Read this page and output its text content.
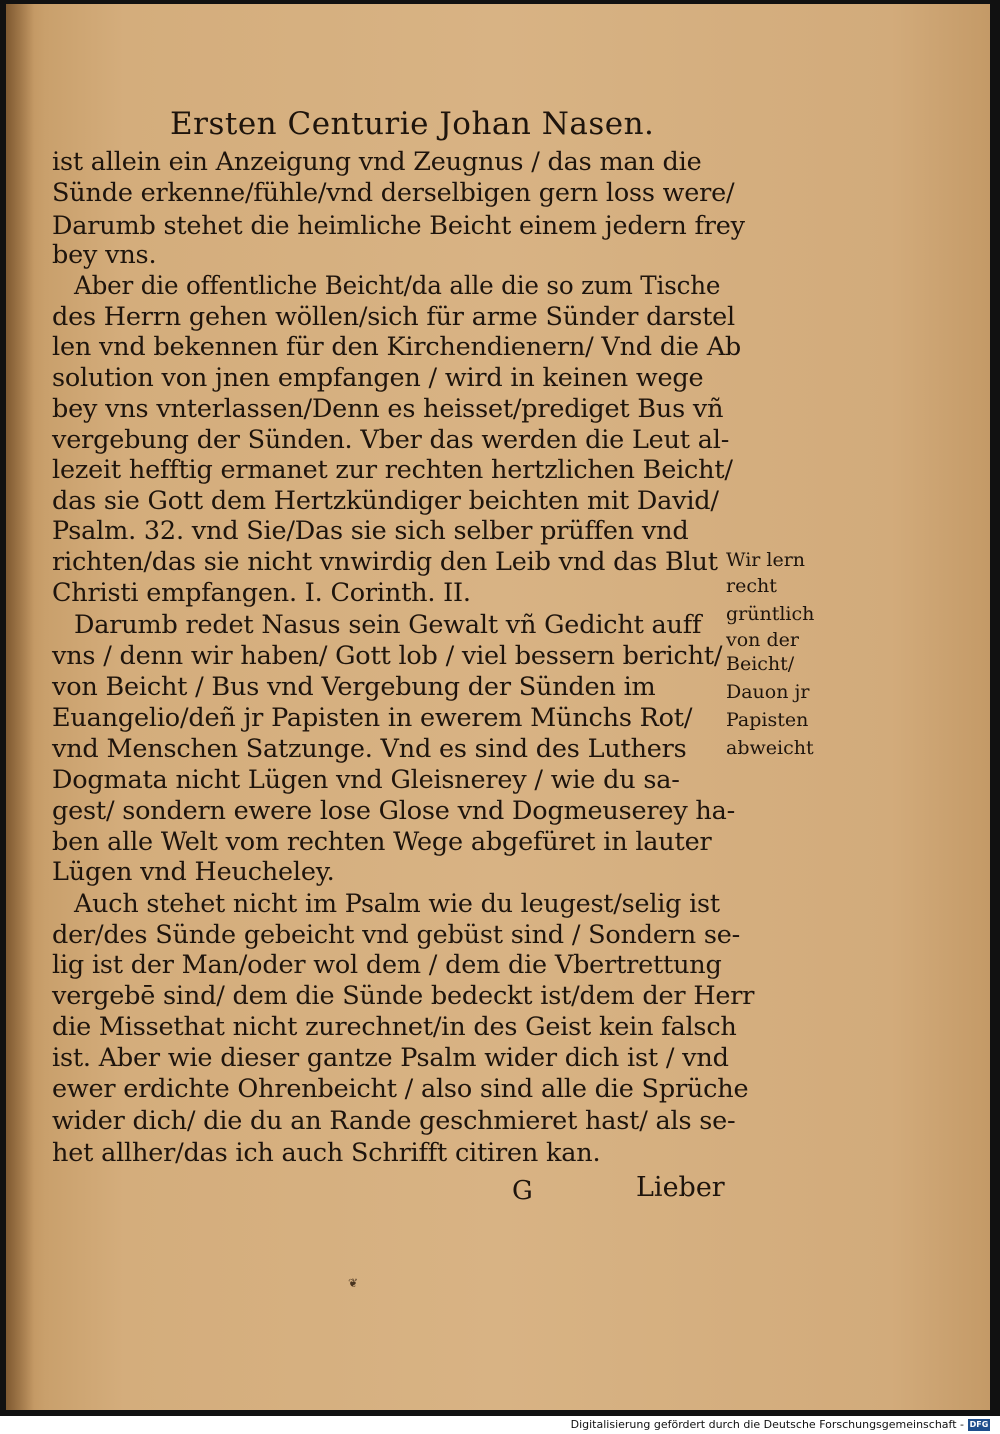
Ersten Centurie Johan Nasen.
ist allein ein Anzeigung vnd Zeugnus / das man die
Sünde erkenne/fühle/vnd derselbigen gern loss were/
Darumb stehet die heimliche Beicht einem jedern frey
bey vns.
Aber die offentliche Beicht/da alle die so zum Tische
des Herrn gehen wöllen/sich für arme Sünder darstel
len vnd bekennen für den Kirchendienern/ Vnd die Ab
solution von jnen empfangen / wird in keinen wege
bey vns vnterlassen/Denn es heisset/prediget Bus vñ
vergebung der Sünden. Vber das werden die Leut al-
lezeit hefftig ermanet zur rechten hertzlichen Beicht/
das sie Gott dem Hertzkündiger beichten mit David/
Psalm. 32. vnd Sie/Das sie sich selber prüffen vnd
richten/das sie nicht vnwirdig den Leib vnd das Blut
Christi empfangen. I. Corinth. II.
Darumb redet Nasus sein Gewalt vñ Gedicht auff
vns / denn wir haben/ Gott lob / viel bessern bericht/
von Beicht / Bus vnd Vergebung der Sünden im
Euangelio/deñ jr Papisten in ewerem Münchs Rot/
vnd Menschen Satzunge. Vnd es sind des Luthers
Dogmata nicht Lügen vnd Gleisnerey / wie du sa-
gest/ sondern ewere lose Glose vnd Dogmeuserey ha-
ben alle Welt vom rechten Wege abgefüret in lauter
Lügen vnd Heucheley.
Auch stehet nicht im Psalm wie du leugest/selig ist
der/des Sünde gebeicht vnd gebüst sind / Sondern se-
lig ist der Man/oder wol dem / dem die Vbertrettung
vergebē sind/ dem die Sünde bedeckt ist/dem der Herr
die Missethat nicht zurechnet/in des Geist kein falsch
ist. Aber wie dieser gantze Psalm wider dich ist / vnd
ewer erdichte Ohrenbeicht / also sind alle die Sprüche
wider dich/ die du an Rande geschmieret hast/ als se-
het allher/das ich auch Schrifft citiren kan.
Wir lern
recht
grüntlich
von der
Beicht/
Dauon jr
Papisten
abweicht
G	Lieber
❦
Digitalisierung gefördert durch die Deutsche Forschungsgemeinschaft - DFG
